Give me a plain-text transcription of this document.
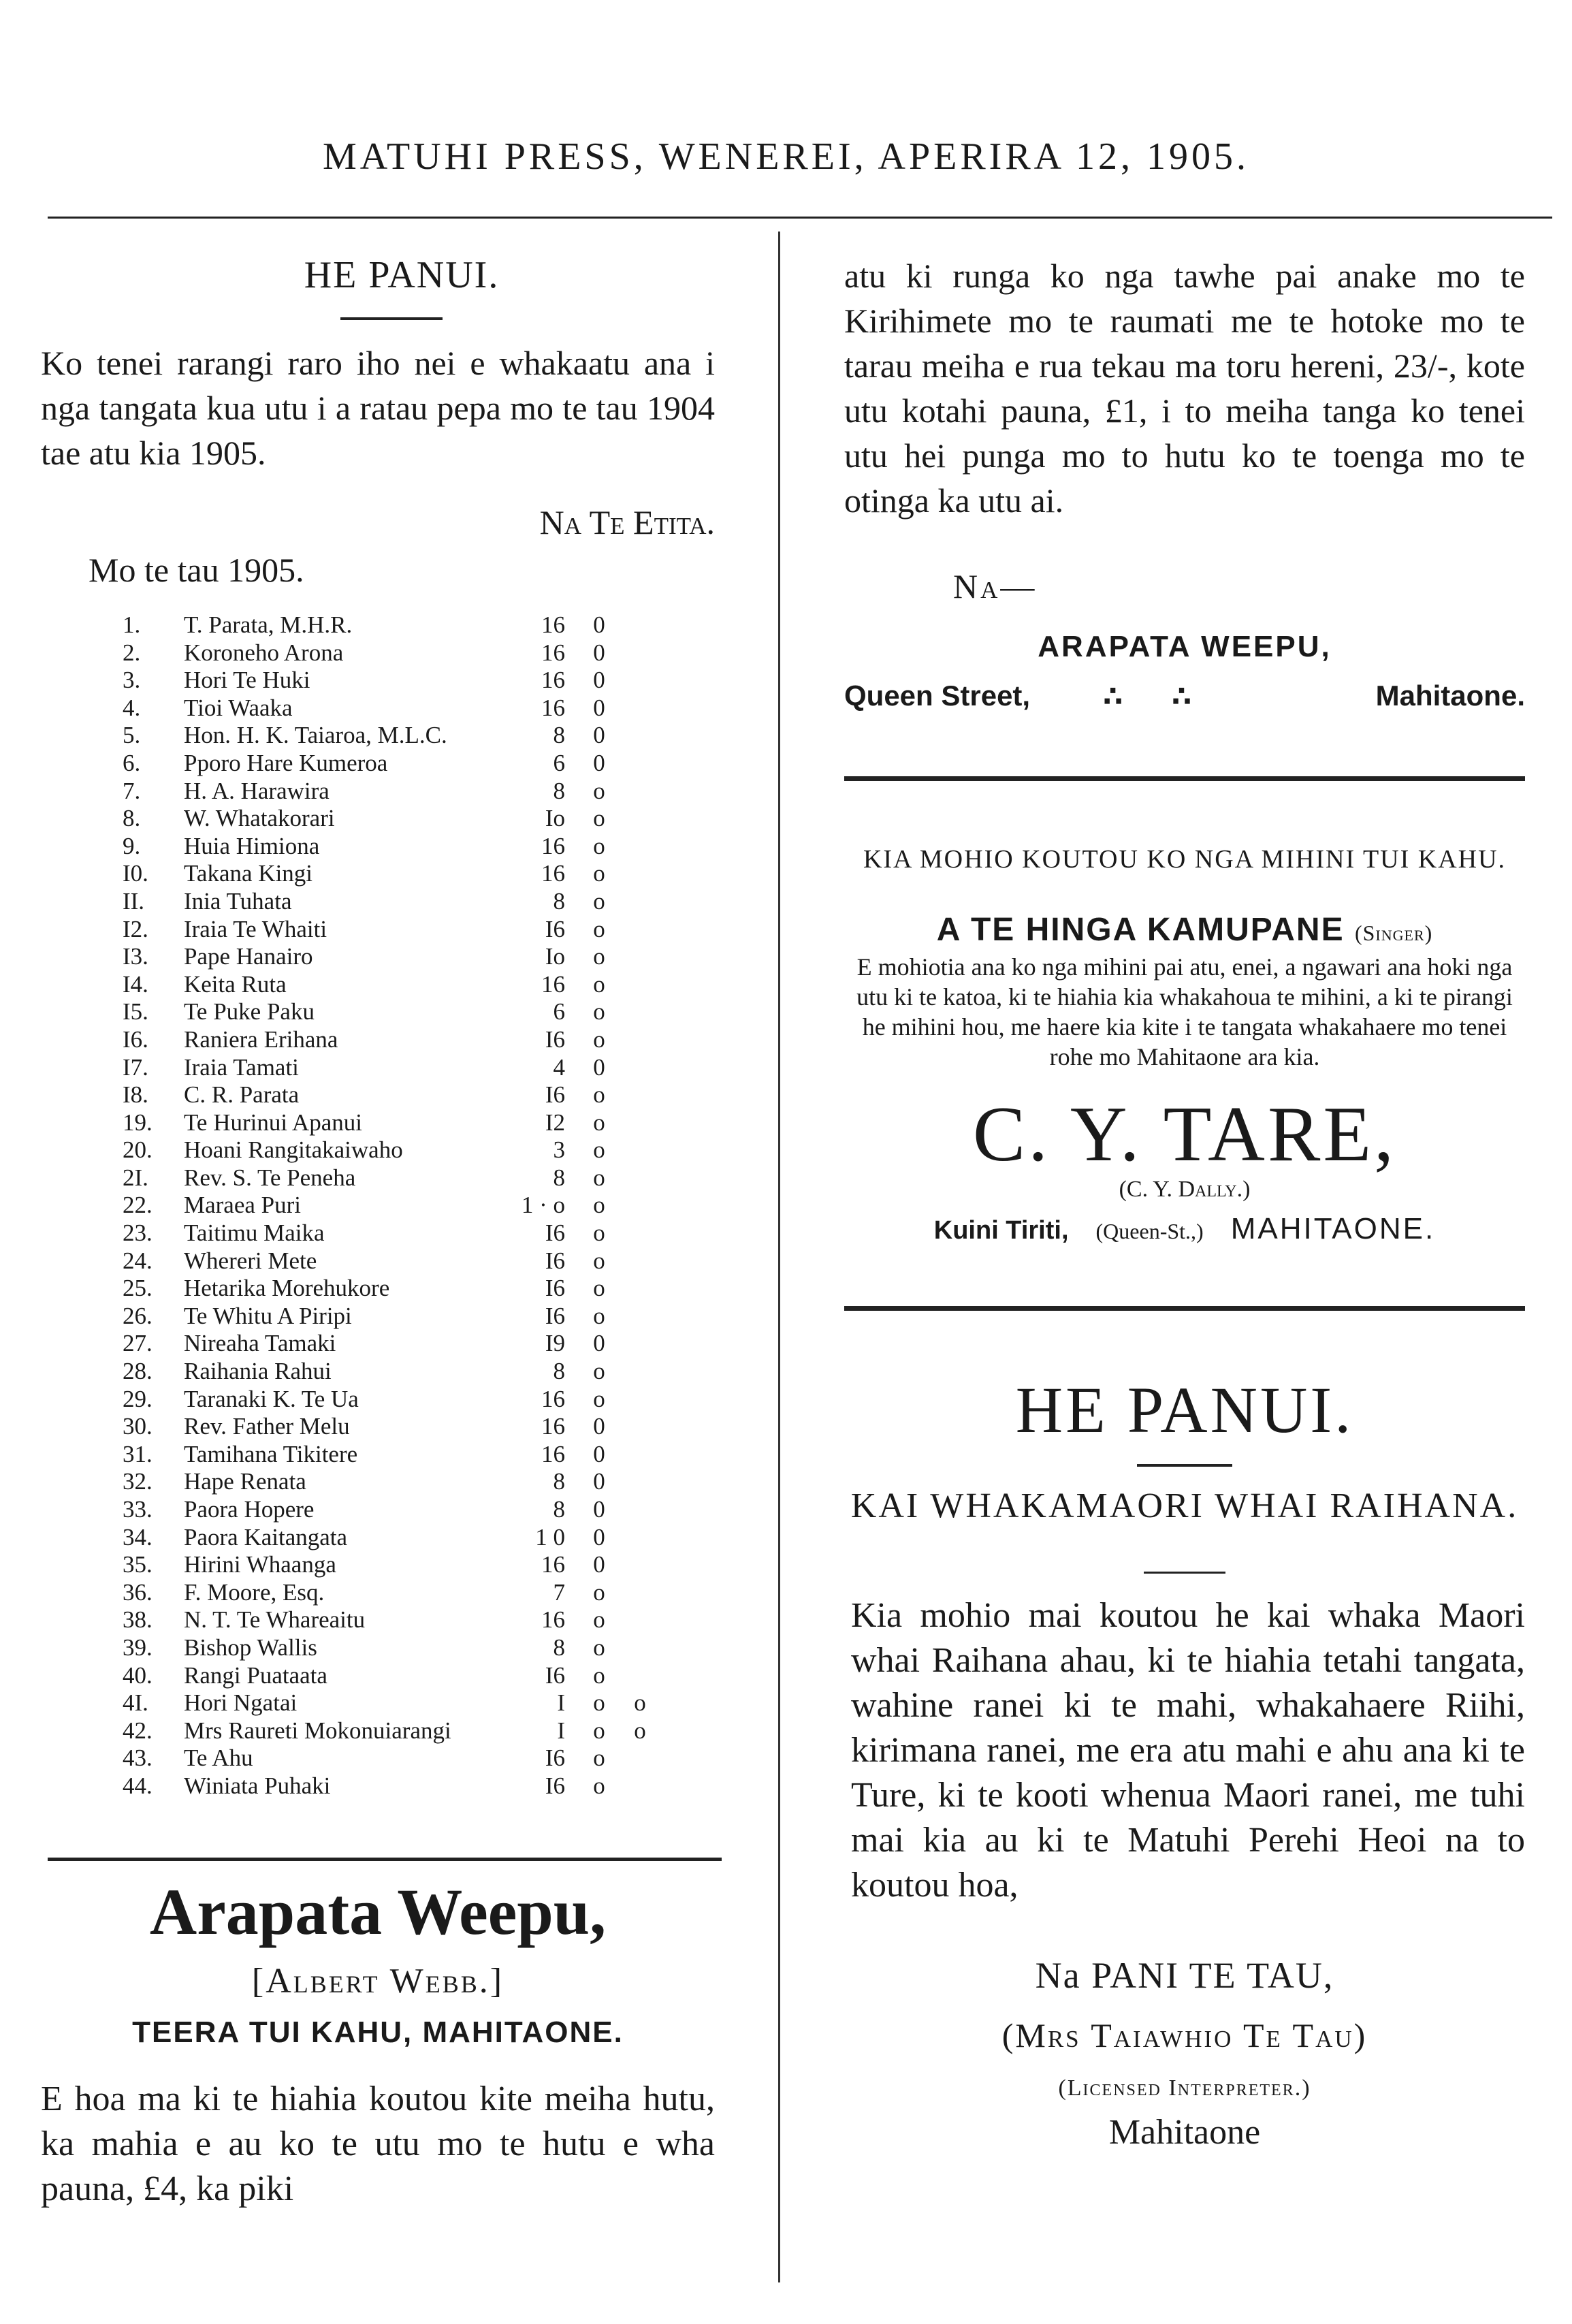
MATUHI PRESS, WENEREI, APERIRA 12, 1905.
HE PANUI.
Ko tenei rarangi raro iho nei e whakaatu ana i nga tangata kua utu i a ratau pepa mo te tau 1904 tae atu kia 1905.
Na Te Etita.
Mo te tau 1905.
1.	T. Parata, M.H.R.	16	0
2.	Koroneho Arona	16	0
3.	Hori Te Huki	16	0
4.	Tioi Waaka	16	0
5.	Hon. H. K. Taiaroa, M.L.C.	8	0
6.	Pporo Hare Kumeroa	6	0
7.	H. A. Harawira	8	o
8.	W. Whatakorari	Io	o
9.	Huia Himiona	16	o
I0.	Takana Kingi	16	o
II.	Inia Tuhata	8	o
I2.	Iraia Te Whaiti	I6	o
I3.	Pape Hanairo	Io	o
I4.	Keita Ruta	16	o
I5.	Te Puke Paku	6	o
I6.	Raniera Erihana	I6	o
I7.	Iraia Tamati	4	0
I8.	C. R. Parata	I6	o
19.	Te Hurinui Apanui	I2	o
20.	Hoani Rangitakaiwaho	3	o
2I.	Rev. S. Te Peneha	8	o
22.	Maraea Puri	1 · o	o
23.	Taitimu Maika	I6	o
24.	Whereri Mete	I6	o
25.	Hetarika Morehukore	I6	o
26.	Te Whitu A Piripi	I6	o
27.	Nireaha Tamaki	I9	0
28.	Raihania Rahui	8	o
29.	Taranaki K. Te Ua	16	o
30.	Rev. Father Melu	16	0
31.	Tamihana Tikitere	16	0
32.	Hape Renata	8	0
33.	Paora Hopere	8	0
34.	Paora Kaitangata	1 0	0
35.	Hirini Whaanga	16	0
36.	F. Moore, Esq.	7	o
38.	N. T. Te Whareaitu	16	o
39.	Bishop Wallis	8	o
40.	Rangi Puataata	I6	o
4I.	Hori Ngatai	I	o	o
42.	Mrs Raureti Mokonuiarangi	I	o	o
43.	Te Ahu	I6	o
44.	Winiata Puhaki	I6	o
Arapata Weepu,
[Albert Webb.]
TEERA TUI KAHU, MAHITAONE.
E hoa ma ki te hiahia koutou kite meiha hutu, ka mahia e au ko te utu mo te hutu e wha pauna, £4, ka piki
atu ki runga ko nga tawhe pai anake mo te Kirihimete mo te raumati me te hotoke mo te tarau meiha e rua tekau ma toru hereni, 23/-, kote utu kotahi pauna, £1, i to meiha tanga ko tenei utu hei punga mo to hutu ko te toenga mo te otinga ka utu ai.
Na—
ARAPATA WEEPU,
Queen Street,	∴ ∴	Mahitaone.
KIA MOHIO KOUTOU KO NGA MIHINI TUI KAHU.
A TE HINGA KAMUPANE (Singer)
E mohiotia ana ko nga mihini pai atu, enei, a ngawari ana hoki nga utu ki te katoa, ki te hiahia kia whakahoua te mihini, a ki te pirangi he mihini hou, me haere kia kite i te tangata whakahaere mo tenei rohe mo Mahitaone ara kia.
C. Y. TARE,
(C. Y. Dally.)
Kuini Tiriti, (Queen-St.,) MAHITAONE.
HE PANUI.
KAI WHAKAMAORI WHAI RAIHANA.
Kia mohio mai koutou he kai whaka Maori whai Raihana ahau, ki te hiahia tetahi tangata, wahine ranei ki te mahi, whakahaere Riihi, kirimana ranei, me era atu mahi e ahu ana ki te Ture, ki te kooti whenua Maori ranei, me tuhi mai kia au ki te Matuhi Perehi Heoi na to koutou hoa,
Na PANI TE TAU,
(Mrs Taiawhio Te Tau)
(Licensed Interpreter.)
Mahitaone
